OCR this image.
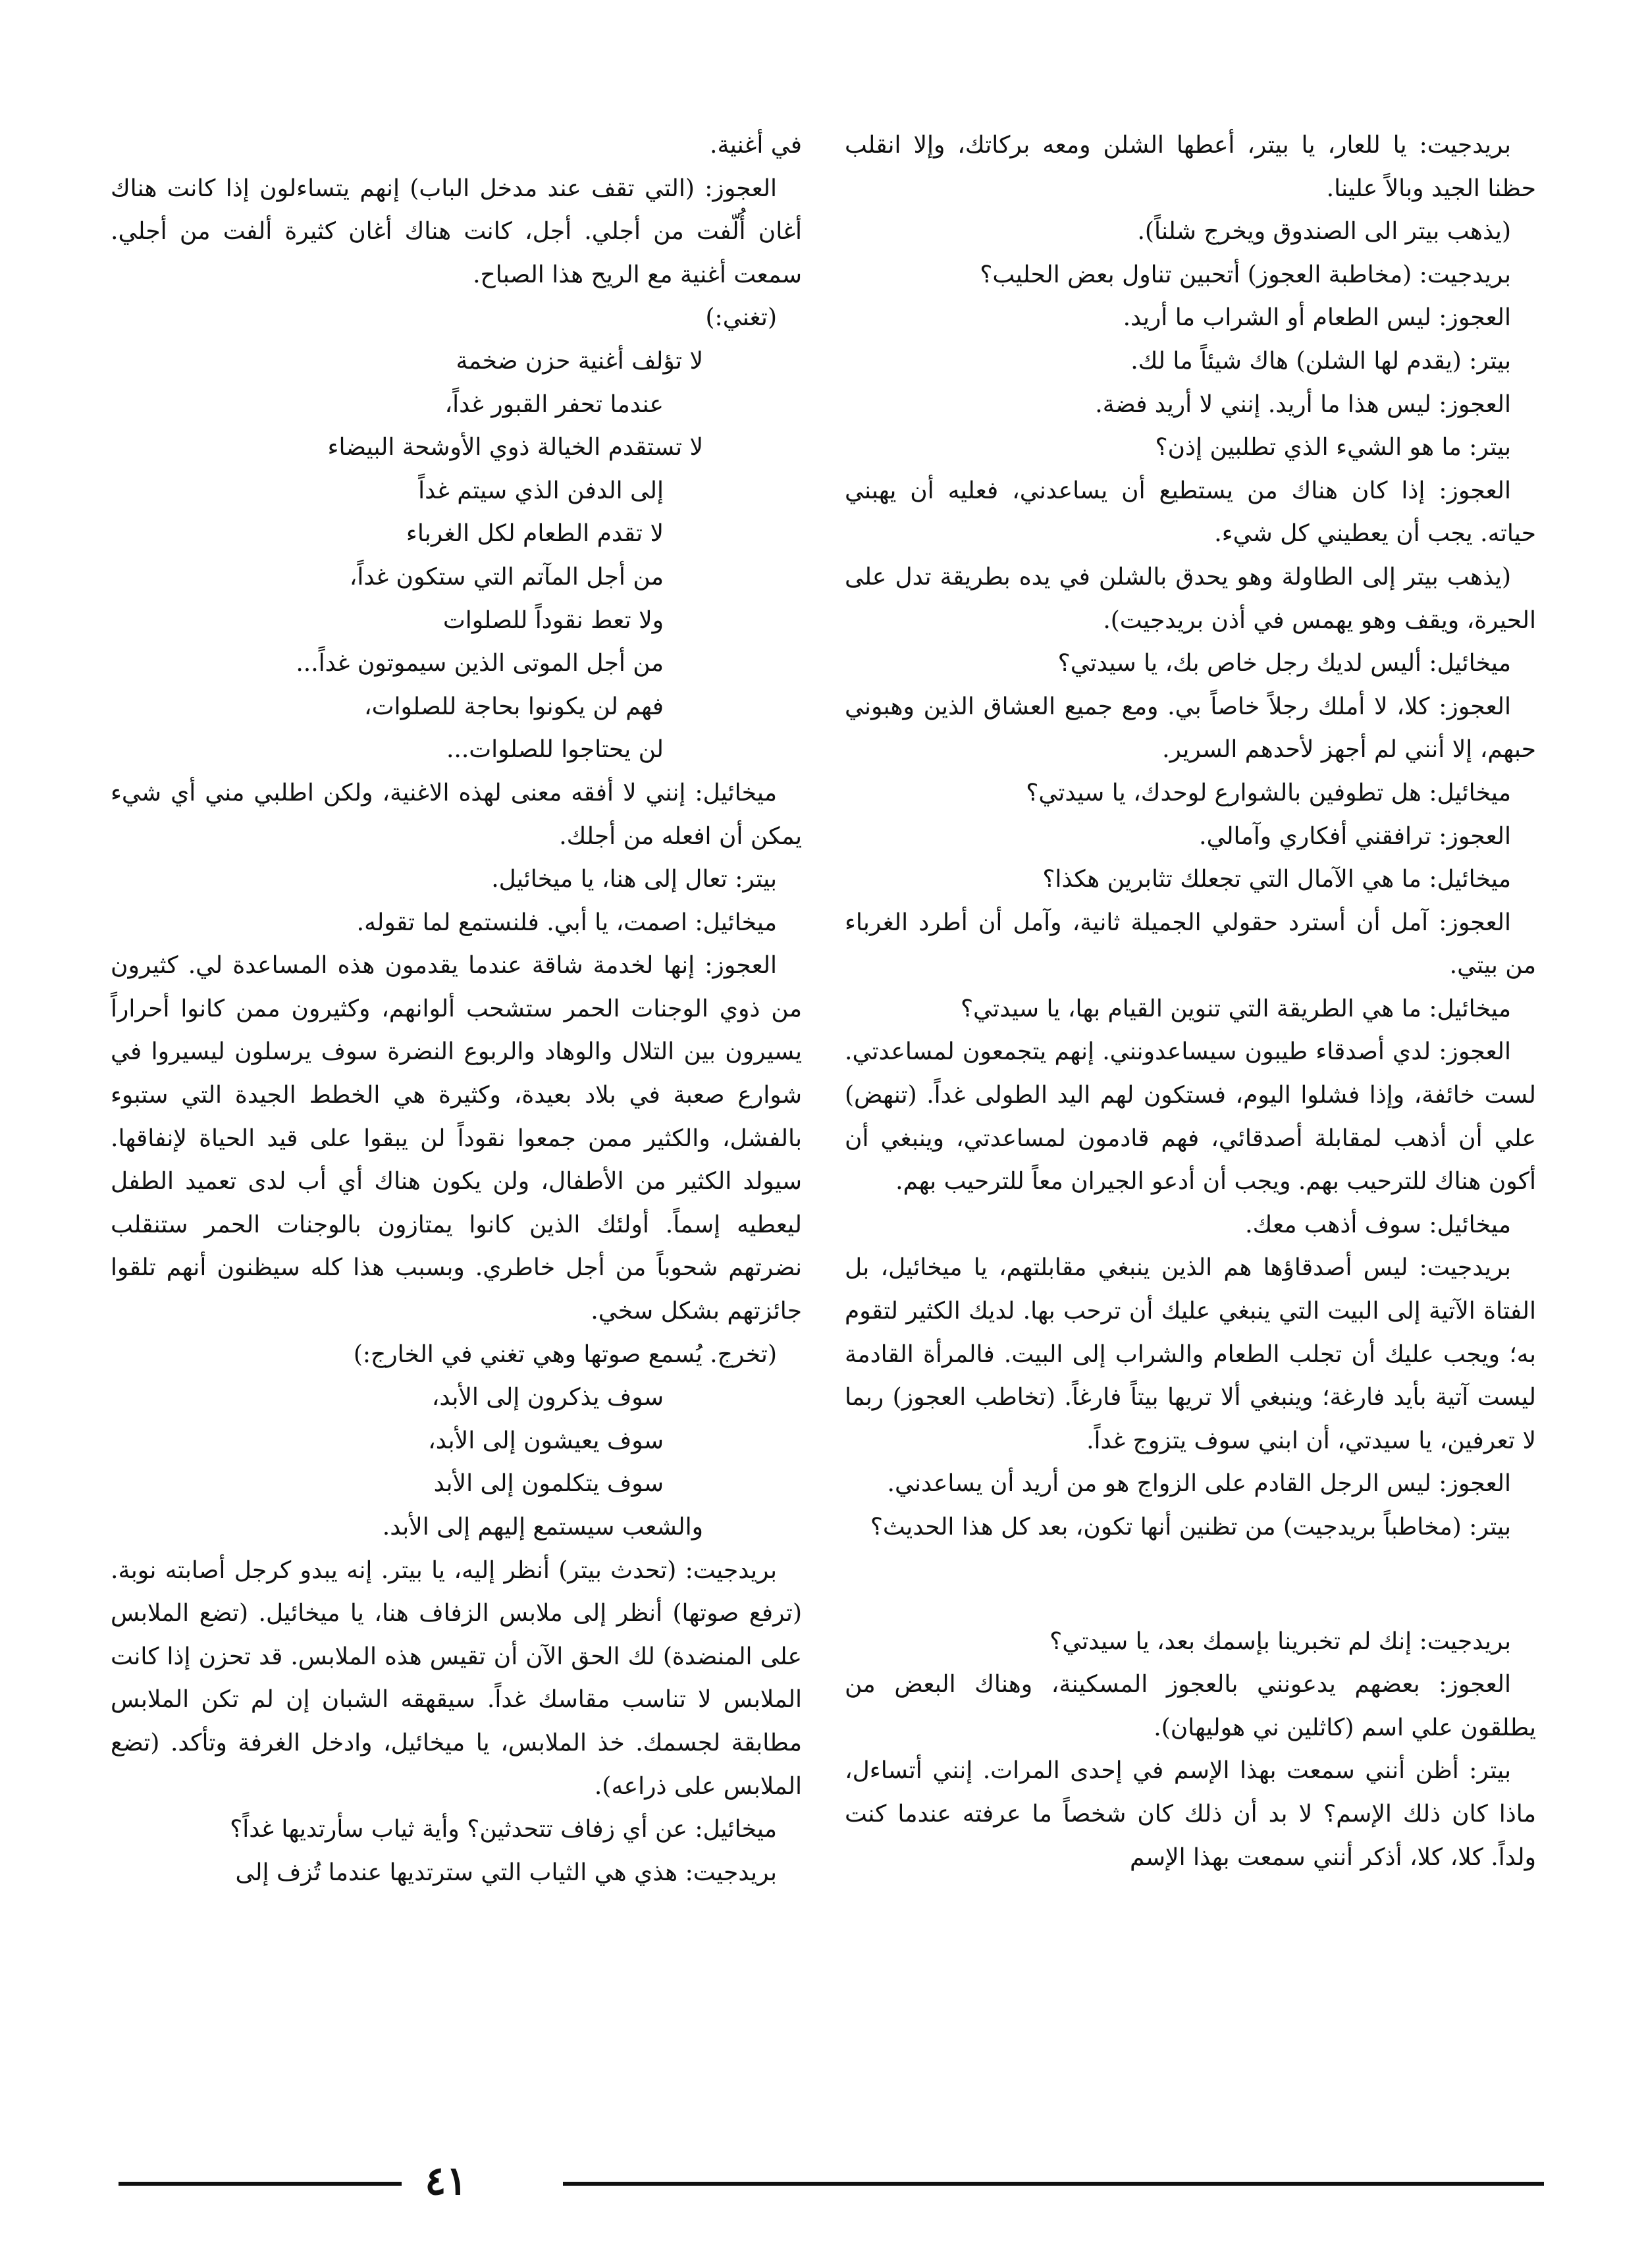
بريدجيت: يا للعار، يا بيتر، أعطها الشلن ومعه بركاتك، وإلا انقلب حظنا الجيد وبالاً علينا.

(يذهب بيتر الى الصندوق ويخرج شلناً).

بريدجيت: (مخاطبة العجوز) أتحبين تناول بعض الحليب؟

العجوز: ليس الطعام أو الشراب ما أريد.

بيتر: (يقدم لها الشلن) هاك شيئاً ما لك.

العجوز: ليس هذا ما أريد. إنني لا أريد فضة.

بيتر: ما هو الشيء الذي تطلبين إذن؟

العجوز: إذا كان هناك من يستطيع أن يساعدني، فعليه أن يهبني حياته. يجب أن يعطيني كل شيء.

(يذهب بيتر إلى الطاولة وهو يحدق بالشلن في يده بطريقة تدل على الحيرة، ويقف وهو يهمس في أذن بريدجيت).

ميخائيل: أليس لديك رجل خاص بك، يا سيدتي؟

العجوز: كلا، لا أملك رجلاً خاصاً بي. ومع جميع العشاق الذين وهبوني حبهم، إلا أنني لم أجهز لأحدهم السرير.

ميخائيل: هل تطوفين بالشوارع لوحدك، يا سيدتي؟

العجوز: ترافقني أفكاري وآمالي.

ميخائيل: ما هي الآمال التي تجعلك تثابرين هكذا؟

العجوز: آمل أن أسترد حقولي الجميلة ثانية، وآمل أن أطرد الغرباء من بيتي.

ميخائيل: ما هي الطريقة التي تنوين القيام بها، يا سيدتي؟

العجوز: لدي أصدقاء طيبون سيساعدونني. إنهم يتجمعون لمساعدتي. لست خائفة، وإذا فشلوا اليوم، فستكون لهم اليد الطولى غداً. (تنهض) علي أن أذهب لمقابلة أصدقائي، فهم قادمون لمساعدتي، وينبغي أن أكون هناك للترحيب بهم. ويجب أن أدعو الجيران معاً للترحيب بهم.

ميخائيل: سوف أذهب معك.

بريدجيت: ليس أصدقاؤها هم الذين ينبغي مقابلتهم، يا ميخائيل، بل الفتاة الآتية إلى البيت التي ينبغي عليك أن ترحب بها. لديك الكثير لتقوم به؛ ويجب عليك أن تجلب الطعام والشراب إلى البيت. فالمرأة القادمة ليست آتية بأيد فارغة؛ وينبغي ألا تريها بيتاً فارغاً. (تخاطب العجوز) ربما لا تعرفين، يا سيدتي، أن ابني سوف يتزوج غداً.

العجوز: ليس الرجل القادم على الزواج هو من أريد أن يساعدني.

بيتر: (مخاطباً بريدجيت) من تظنين أنها تكون، بعد كل هذا الحديث؟

بريدجيت: إنك لم تخبرينا بإسمك بعد، يا سيدتي؟

العجوز: بعضهم يدعونني بالعجوز المسكينة، وهناك البعض من يطلقون علي اسم (كاثلين ني هوليهان).

بيتر: أظن أنني سمعت بهذا الإسم في إحدى المرات. إنني أتساءل، ماذا كان ذلك الإسم؟ لا بد أن ذلك كان شخصاً ما عرفته عندما كنت ولداً. كلا، كلا، أذكر أنني سمعت بهذا الإسم

في أغنية.

العجوز: (التي تقف عند مدخل الباب) إنهم يتساءلون إذا كانت هناك أغان أُلّفت من أجلي. أجل، كانت هناك أغان كثيرة ألفت من أجلي. سمعت أغنية مع الريح هذا الصباح.

(تغني:)

لا تؤلف أغنية حزن ضخمة

عندما تحفر القبور غداً،

لا تستقدم الخيالة ذوي الأوشحة البيضاء

إلى الدفن الذي سيتم غداً

لا تقدم الطعام لكل الغرباء

من أجل المآتم التي ستكون غداً،

ولا تعط نقوداً للصلوات

من أجل الموتى الذين سيموتون غداً...

فهم لن يكونوا بحاجة للصلوات،

لن يحتاجوا للصلوات...

ميخائيل: إنني لا أفقه معنى لهذه الاغنية، ولكن اطلبي مني أي شيء يمكن أن افعله من أجلك.

بيتر: تعال إلى هنا، يا ميخائيل.

ميخائيل: اصمت، يا أبي. فلنستمع لما تقوله.

العجوز: إنها لخدمة شاقة عندما يقدمون هذه المساعدة لي. كثيرون من ذوي الوجنات الحمر ستشحب ألوانهم، وكثيرون ممن كانوا أحراراً يسيرون بين التلال والوهاد والربوع النضرة سوف يرسلون ليسيروا في شوارع صعبة في بلاد بعيدة، وكثيرة هي الخطط الجيدة التي ستبوء بالفشل، والكثير ممن جمعوا نقوداً لن يبقوا على قيد الحياة لإنفاقها. سيولد الكثير من الأطفال، ولن يكون هناك أي أب لدى تعميد الطفل ليعطيه إسماً. أولئك الذين كانوا يمتازون بالوجنات الحمر ستنقلب نضرتهم شحوباً من أجل خاطري. وبسبب هذا كله سيظنون أنهم تلقوا جائزتهم بشكل سخي.

(تخرج. يُسمع صوتها وهي تغني في الخارج:)

سوف يذكرون إلى الأبد،

سوف يعيشون إلى الأبد،

سوف يتكلمون إلى الأبد

والشعب سيستمع إليهم إلى الأبد.

بريدجيت: (تحدث بيتر) أنظر إليه، يا بيتر. إنه يبدو كرجل أصابته نوبة. (ترفع صوتها) أنظر إلى ملابس الزفاف هنا، يا ميخائيل. (تضع الملابس على المنضدة) لك الحق الآن أن تقيس هذه الملابس. قد تحزن إذا كانت الملابس لا تناسب مقاسك غداً. سيقهقه الشبان إن لم تكن الملابس مطابقة لجسمك. خذ الملابس، يا ميخائيل، وادخل الغرفة وتأكد. (تضع الملابس على ذراعه).

ميخائيل: عن أي زفاف تتحدثين؟ وأية ثياب سأرتديها غداً؟

بريدجيت: هذي هي الثياب التي سترتديها عندما تُزف إلى

٤١
